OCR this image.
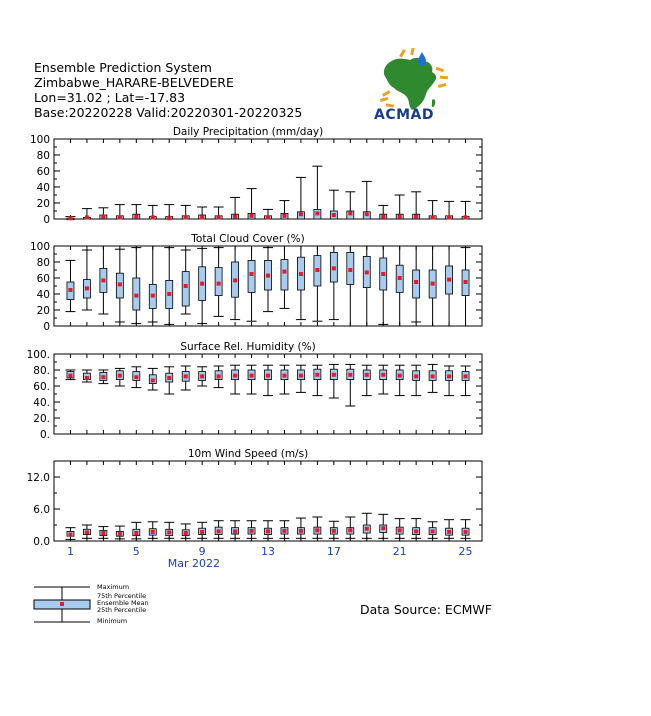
Ensemble Prediction System
Zimbabwe_HARARE-BELVEDERE
Lon=31.02 ; Lat=-17.83
Base:20220228 Valid:20220301-20220325	ACMAD
Daily Precipitation (mm/day)
0
20
40
60
80
100
Total Cloud Cover (%)
0
20
40
60
80
100
Surface Rel. Humidity (%)
0.
20.
40.
60.
80.
100.
10m Wind Speed (m/s)
0.0
6.0
12.0
1	5	9	13	17	21	25
Mar 2022
Maximum
75th Percentile
Ensemble Mean
25th Percentile
Minimum
Data Source: ECMWF
